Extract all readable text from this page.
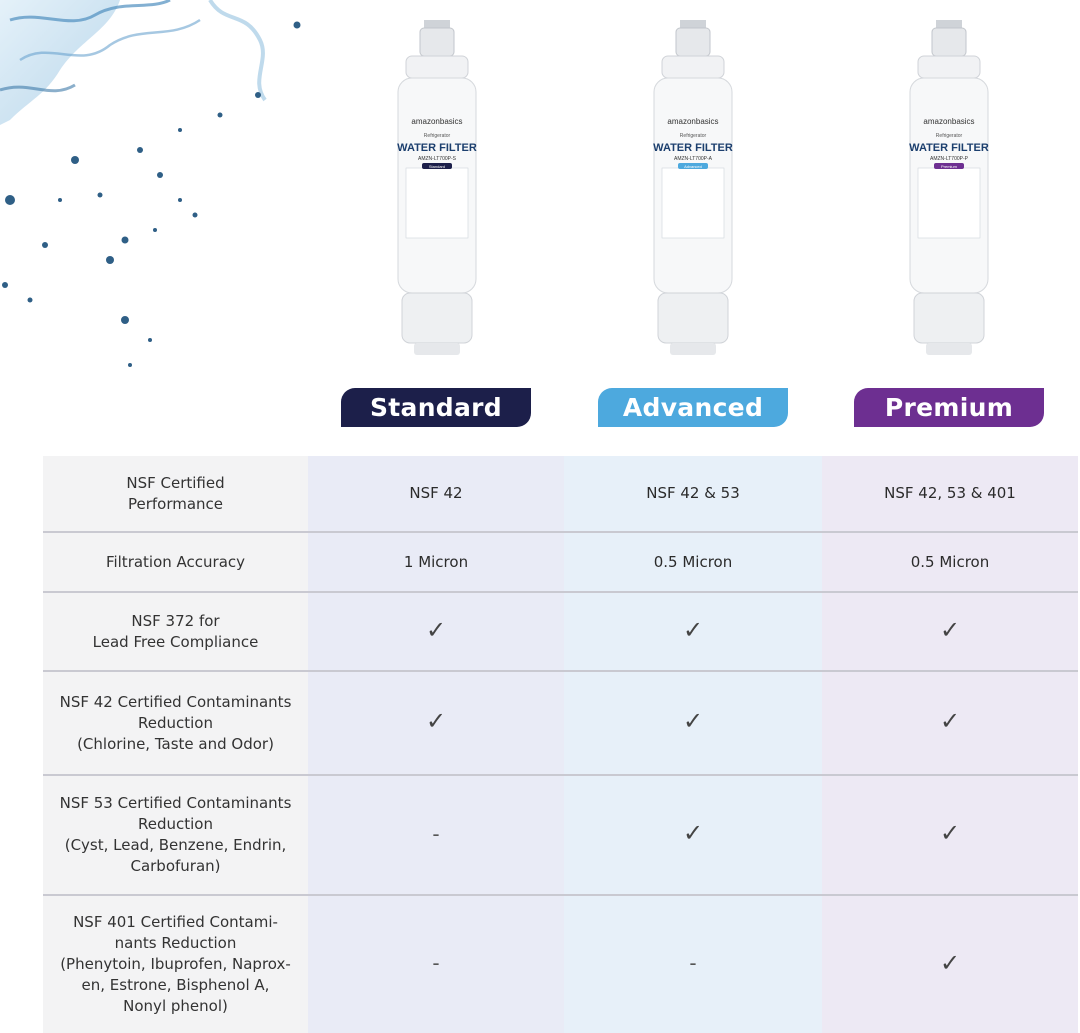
amazonbasics
Refrigerator
WATER FILTER
AMZN-LT700P-S
Standard
amazonbasics
Refrigerator
WATER FILTER
AMZN-LT700P-A
Advanced
amazonbasics
Refrigerator
WATER FILTER
AMZN-LT700P-P
Premium
Standard	Advanced	Premium
NSF Certified
Performance	NSF 42	NSF 42 & 53	NSF 42, 53 & 401

Filtration Accuracy	1 Micron	0.5 Micron	0.5 Micron

NSF 372 for
Lead Free Compliance	✓	✓	✓

NSF 42 Certified Contaminants
Reduction
(Chlorine, Taste and Odor)	✓	✓	✓

NSF 53 Certified Contaminants
Reduction
(Cyst, Lead, Benzene, Endrin,
Carbofuran)	-	✓	✓

NSF 401 Certified Contami-
nants Reduction
(Phenytoin, Ibuprofen, Naprox-
en, Estrone, Bisphenol A,
Nonyl phenol)	-	-	✓
